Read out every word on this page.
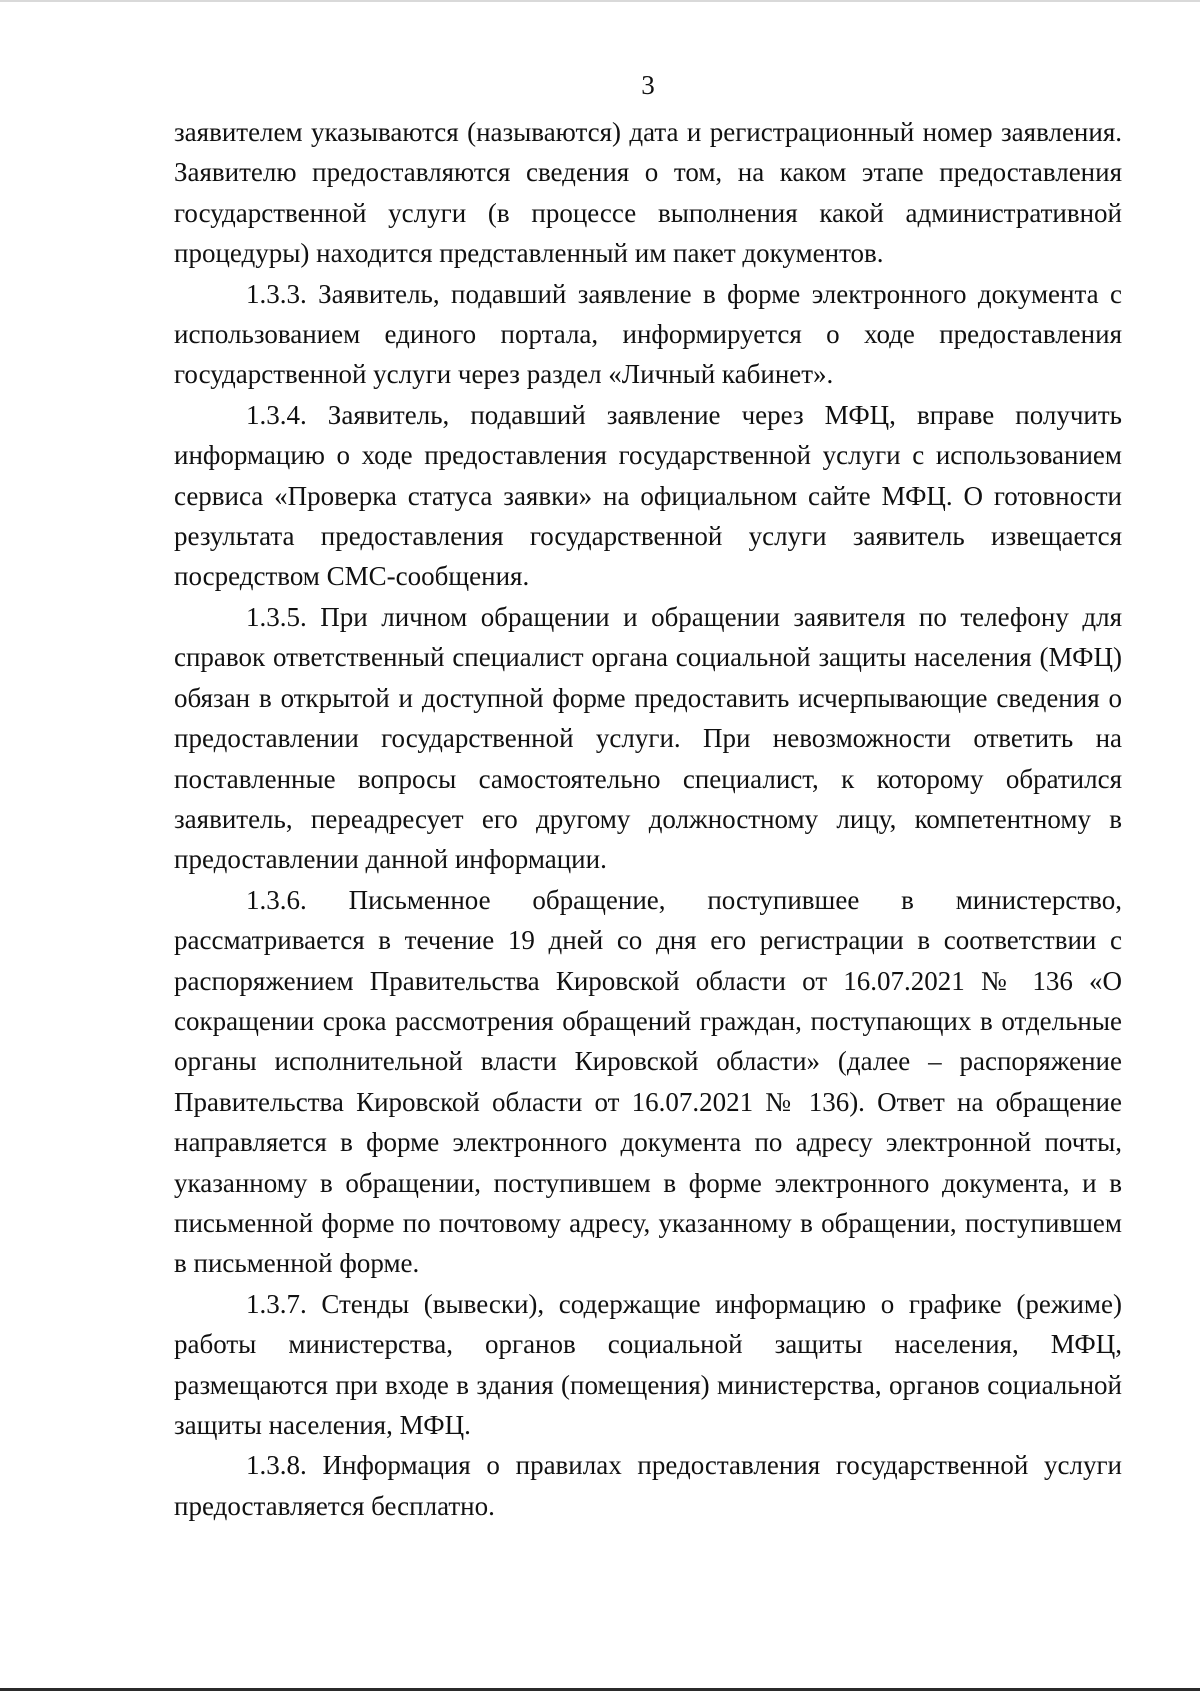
3

заявителем указываются (называются) дата и регистрационный номер заявления. Заявителю предоставляются сведения о том, на каком этапе предоставления государственной услуги (в процессе выполнения какой административной процедуры) находится представленный им пакет документов.

1.3.3. Заявитель, подавший заявление в форме электронного документа с использованием единого портала, информируется о ходе предоставления государственной услуги через раздел «Личный кабинет».

1.3.4. Заявитель, подавший заявление через МФЦ, вправе получить информацию о ходе предоставления государственной услуги с использованием сервиса «Проверка статуса заявки» на официальном сайте МФЦ. О готовности результата предоставления государственной услуги заявитель извещается посредством СМС-сообщения.

1.3.5. При личном обращении и обращении заявителя по телефону для справок ответственный специалист органа социальной защиты населения (МФЦ) обязан в открытой и доступной форме предоставить исчерпывающие сведения о предоставлении государственной услуги. При невозможности ответить на поставленные вопросы самостоятельно специалист, к которому обратился заявитель, переадресует его другому должностному лицу, компетентному в предоставлении данной информации.

1.3.6. Письменное обращение, поступившее в министерство, рассматривается в течение 19 дней со дня его регистрации в соответствии с распоряжением Правительства Кировской области от 16.07.2021 № 136 «О сокращении срока рассмотрения обращений граждан, поступающих в отдельные органы исполнительной власти Кировской области» (далее – распоряжение Правительства Кировской области от 16.07.2021 № 136). Ответ на обращение направляется в форме электронного документа по адресу электронной почты, указанному в обращении, поступившем в форме электронного документа, и в письменной форме по почтовому адресу, указанному в обращении, поступившем в письменной форме.

1.3.7. Стенды (вывески), содержащие информацию о графике (режиме) работы министерства, органов социальной защиты населения, МФЦ, размещаются при входе в здания (помещения) министерства, органов социальной защиты населения, МФЦ.

1.3.8. Информация о правилах предоставления государственной услуги предоставляется бесплатно.
